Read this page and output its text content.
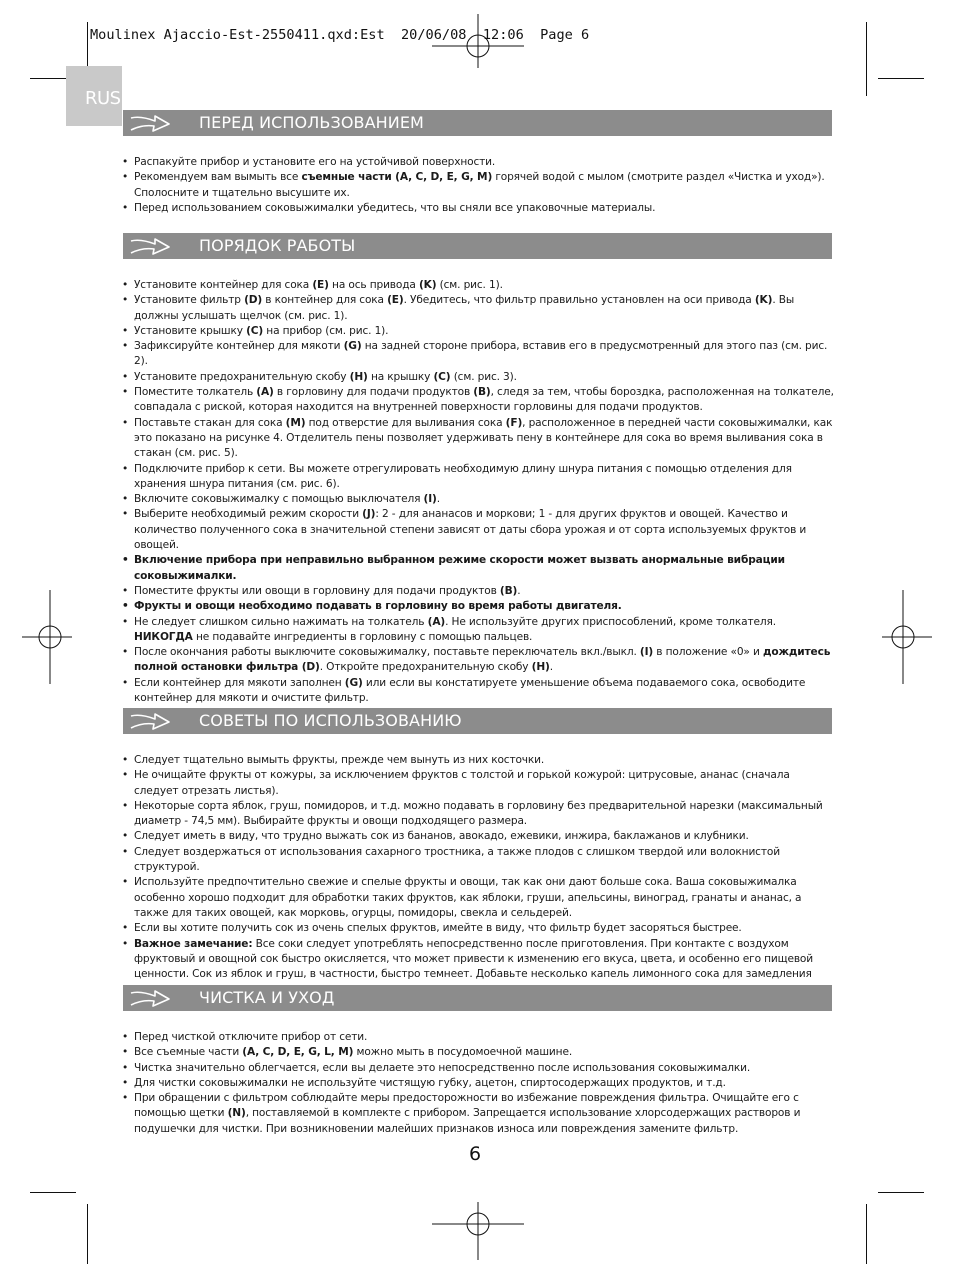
Moulinex Ajaccio-Est-2550411.qxd:Est  20/06/08  12:06  Page 6
RUS
ПЕРЕД ИСПОЛЬЗОВАНИЕМ
• Распакуйте прибор и установите его на устойчивой поверхности.
• Рекомендуем вам вымыть все съемные части (A, C, D, E, G, M) горячей водой с мылом (смотрите раздел «Чистка и уход»). Сполосните и тщательно высушите их.
• Перед использованием соковыжималки убедитесь, что вы сняли все упаковочные материалы.
ПОРЯДОК РАБОТЫ
• Установите контейнер для сока (E) на ось привода (K) (см. рис. 1).
• Установите фильтр (D) в контейнер для сока (E). Убедитесь, что фильтр правильно установлен на оси привода (K). Вы должны услышать щелчок (см. рис. 1).
• Установите крышку (C) на прибор (см. рис. 1).
• Зафиксируйте контейнер для мякоти (G) на задней стороне прибора, вставив его в предусмотренный для этого паз (см. рис. 2).
• Установите предохранительную скобу (H) на крышку (C) (см. рис. 3).
• Поместите толкатель (A) в горловину для подачи продуктов (B), следя за тем, чтобы бороздка, расположенная на толкателе, совпадала с риской, которая находится на внутренней поверхности горловины для подачи продуктов.
• Поставьте стакан для сока (M) под отверстие для выливания сока (F), расположенное в передней части соковыжималки, как это показано на рисунке 4. Отделитель пены позволяет удерживать пену в контейнере для сока во время выливания сока в стакан (см. рис. 5).
• Подключите прибор к сети. Вы можете отрегулировать необходимую длину шнура питания с помощью отделения для хранения шнура питания (см. рис. 6).
• Включите соковыжималку с помощью выключателя (I).
• Выберите необходимый режим скорости (J): 2 - для ананасов и моркови; 1 - для других фруктов и овощей. Качество и количество полученного сока в значительной степени зависят от даты сбора урожая и от сорта используемых фруктов и овощей.
• Включение прибора при неправильно выбранном режиме скорости может вызвать анормальные вибрации соковыжималки.
• Поместите фрукты или овощи в горловину для подачи продуктов (B).
• Фрукты и овощи необходимо подавать в горловину во время работы двигателя.
• Не следует слишком сильно нажимать на толкатель (A). Не используйте других приспособлений, кроме толкателя. НИКОГДА не подавайте ингредиенты в горловину с помощью пальцев.
• После окончания работы выключите соковыжималку, поставьте переключатель вкл./выкл. (I) в положение «0» и дождитесь полной остановки фильтра (D). Откройте предохранительную скобу (H).
• Если контейнер для мякоти заполнен (G) или если вы констатируете уменьшение объема подаваемого сока, освободите контейнер для мякоти и очистите фильтр.
СОВЕТЫ ПО ИСПОЛЬЗОВАНИЮ
• Следует тщательно вымыть фрукты, прежде чем вынуть из них косточки.
• Не очищайте фрукты от кожуры, за исключением фруктов с толстой и горькой кожурой: цитрусовые, ананас (сначала следует отрезать листья).
• Некоторые сорта яблок, груш, помидоров, и т.д. можно подавать в горловину без предварительной нарезки (максимальный диаметр - 74,5 мм). Выбирайте фрукты и овощи подходящего размера.
• Следует иметь в виду, что трудно выжать сок из бананов, авокадо, ежевики, инжира, баклажанов и клубники.
• Следует воздержаться от использования сахарного тростника, а также плодов с слишком твердой или волокнистой структурой.
• Используйте предпочтительно свежие и спелые фрукты и овощи, так как они дают больше сока. Ваша соковыжималка особенно хорошо подходит для обработки таких фруктов, как яблоки, груши, апельсины, виноград, гранаты и ананас, а также для таких овощей, как морковь, огурцы, помидоры, свекла и сельдерей.
• Если вы хотите получить сок из очень спелых фруктов, имейте в виду, что фильтр будет засоряться быстрее.
• Важное замечание: Все соки следует употреблять непосредственно после приготовления. При контакте с воздухом фруктовый и овощной сок быстро окисляется, что может привести к изменению его вкуса, цвета, и особенно его пищевой ценности. Сок из яблок и груш, в частности, быстро темнеет. Добавьте несколько капель лимонного сока для замедления
ЧИСТКА И УХОД
• Перед чисткой отключите прибор от сети.
• Все съемные части (A, C, D, E, G, L, M) можно мыть в посудомоечной машине.
• Чистка значительно облегчается, если вы делаете это непосредственно после использования соковыжималки.
• Для чистки соковыжималки не используйте чистящую губку, ацетон, спиртосодержащих продуктов, и т.д.
• При обращении с фильтром соблюдайте меры предосторожности во избежание повреждения фильтра. Очищайте его с помощью щетки (N), поставляемой в комплекте с прибором. Запрещается использование хлорсодержащих растворов и подушечки для чистки. При возникновении малейших признаков износа или повреждения замените фильтр.
6
